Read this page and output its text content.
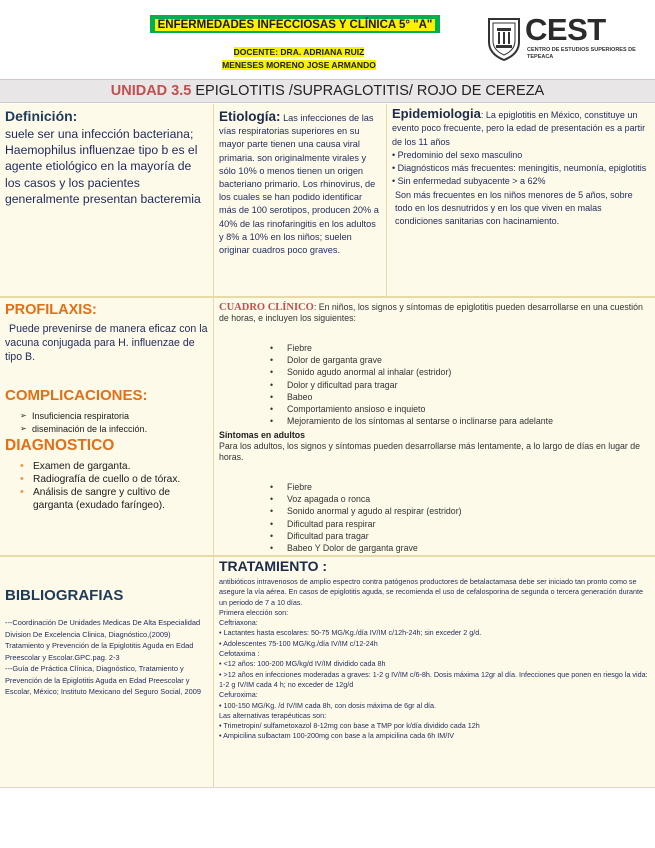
ENFERMEDADES INFECCIOSAS Y CLÍNICA 5° "A"
DOCENTE: DRA. ADRIANA RUIZ
MENESES MORENO JOSE ARMANDO
CEST
CENTRO DE ESTUDIOS SUPERIORES DE TEPEACA
UNIDAD 3.5 EPIGLOTITIS /SUPRAGLOTITIS/ ROJO DE CEREZA
Definición:
suele ser una infección bacteriana; Haemophilus influenzae tipo b es el agente etiológico en la mayoría de los casos y los pacientes generalmente presentan bacteremia
Etiología: Las infecciones de las vías respiratorias superiores en su mayor parte tienen una causa viral primaria. son originalmente virales y sólo 10% o menos tienen un origen bacteriano primario. Los rhinovirus, de los cuales se han podido identificar más de 100 serotipos, producen 20% a 40% de las rinofaringitis en los adultos y 8% a 10% en los niños; suelen originar cuadros poco graves.
Epidemiologia: La epiglotitis en México, constituye un evento poco frecuente, pero la edad de presentación es a partir de los 11 años
• Predominio del sexo masculino
• Diagnósticos más frecuentes: meningitis, neumonía, epiglotitis
• Sin enfermedad subyacente > a 62%
Son más frecuentes en los niños menores de 5 años, sobre todo en los desnutridos y en los que viven en malas condiciones sanitarias con hacinamiento.
PROFILAXIS:
Puede prevenirse de manera eficaz con la vacuna conjugada para H. influenzae de tipo B.
COMPLICACIONES:
➢ Insuficiencia respiratoria
➢ diseminación de la infección.
DIAGNOSTICO
• Examen de garganta.
• Radiografía de cuello o de tórax.
• Análisis de sangre y cultivo de garganta (exudado faríngeo).
CUADRO CLÍNICO: En niños, los signos y síntomas de epiglotitis pueden desarrollarse en una cuestión de horas, e incluyen los siguientes:
• Fiebre
• Dolor de garganta grave
• Sonido agudo anormal al inhalar (estridor)
• Dolor y dificultad para tragar
• Babeo
• Comportamiento ansioso e inquieto
• Mejoramiento de los síntomas al sentarse o inclinarse para adelante
Síntomas en adultos
Para los adultos, los signos y síntomas pueden desarrollarse más lentamente, a lo largo de días en lugar de horas.
• Fiebre
• Voz apagada o ronca
• Sonido anormal y agudo al respirar (estridor)
• Dificultad para respirar
• Dificultad para tragar
• Babeo Y Dolor de garganta grave
BIBLIOGRAFIAS
---Coordinación De Unidades Medicas De Alta Especialidad Division De Excelencia Clinica, Diagnóstico,(2009) Tratamiento y Prevención de la Epiglotitis Aguda en Edad Preescolar y Escolar.GPC.pag. 2-3
---Guía de Práctica Clínica, Diagnóstico, Tratamiento y Prevención de la Epiglotitis Aguda en Edad Preescolar y Escolar, México; Instituto Mexicano del Seguro Social, 2009
TRATAMIENTO :
antibióticos intravenosos de amplio espectro contra patógenos productores de betalactamasa debe ser iniciado tan pronto como se asegure la vía aérea. En casos de epiglotitis aguda, se recomienda el uso de cefalosporina de segunda o tercera generación durante un periodo de 7 a 10 días.
Primera elección son:
Ceftriaxona:
• Lactantes hasta escolares: 50-75 MG/Kg./día IV/IM c/12h-24h; sin exceder 2 g/d.
• Adolescentes 75-100 MG/Kg./día IV/IM c/12-24h
Cefotaxima :
• <12 años: 100-200 MG/kg/d IV/IM dividido cada 8h
• >12 años en infecciones moderadas a graves: 1-2 g IV/IM c/6-8h. Dosis máxima 12gr al día. Infecciones que ponen en riesgo la vida: 1-2 g IV/IM cada 4 h; no exceder de 12g/d
Cefuroxima:
• 100-150 MG/Kg. /d IV/IM cada 8h, con dosis máxima de 6gr al día.
Las alternativas terapéuticas son:
• Trimetropin/ sulfametoxazol 8-12mg con base a TMP por k/día dividido cada 12h
• Ampicilina sulbactam 100-200mg con base a la ampicilina cada 6h IM/IV
